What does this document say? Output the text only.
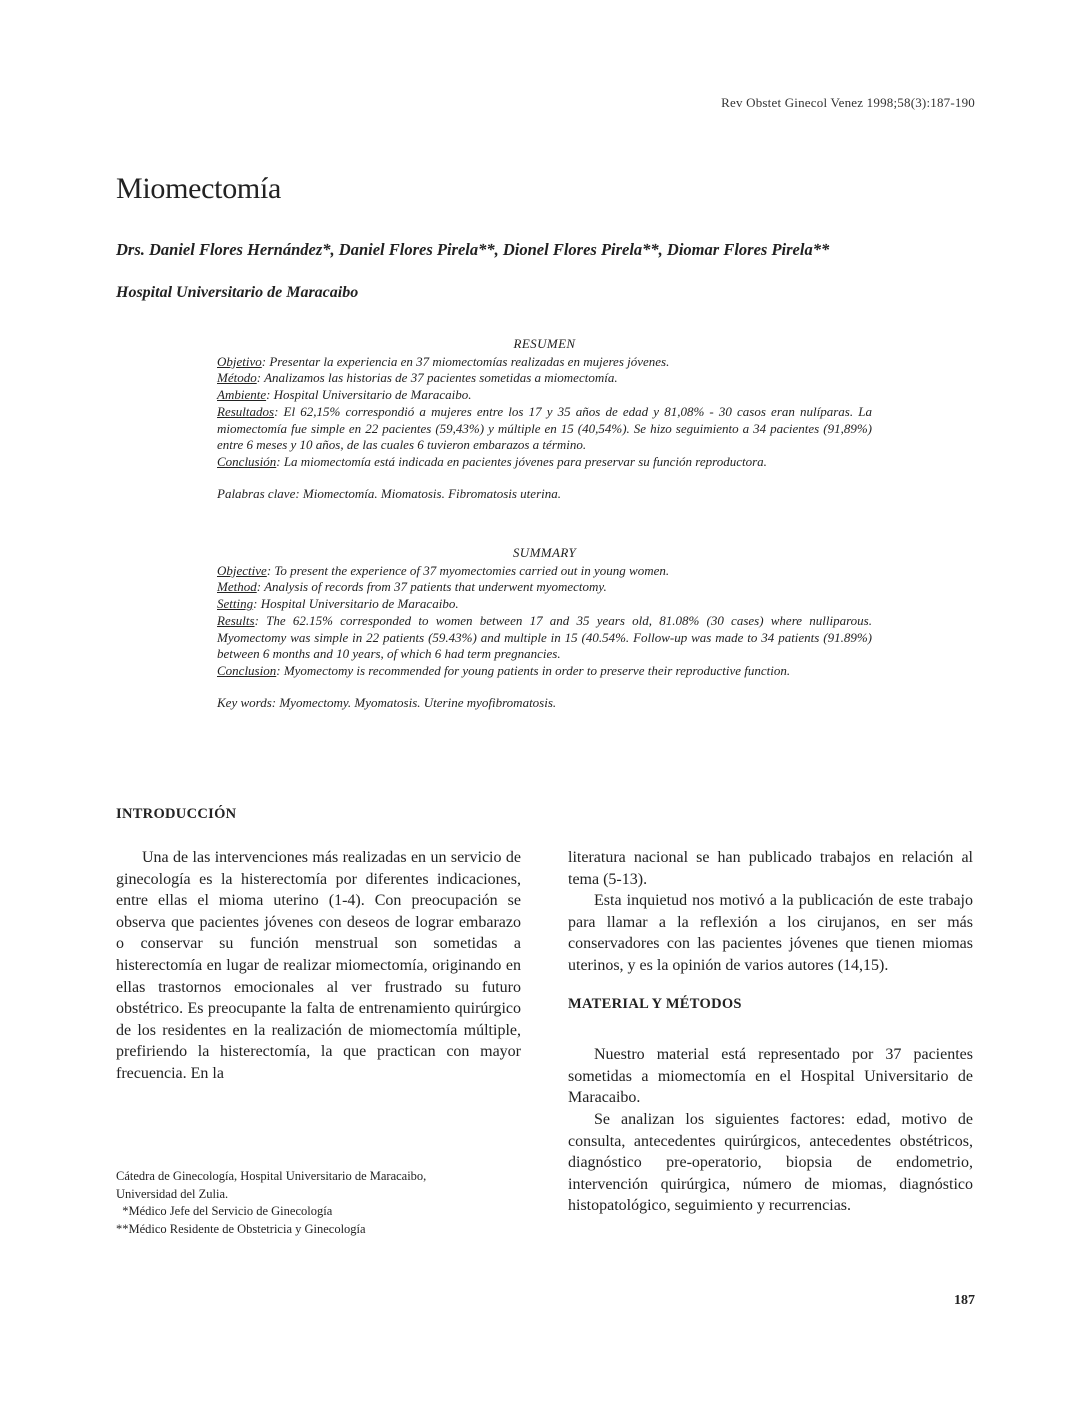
Rev Obstet Ginecol Venez 1998;58(3):187-190
Miomectomía
Drs. Daniel Flores Hernández*, Daniel Flores Pirela**, Dionel Flores Pirela**, Diomar Flores Pirela**
Hospital Universitario de Maracaibo

RESUMEN

Objetivo: Presentar la experiencia en 37 miomectomías realizadas en mujeres jóvenes.

Método: Analizamos las historias de 37 pacientes sometidas a miomectomía.

Ambiente: Hospital Universitario de Maracaibo.

Resultados: El 62,15% correspondió a mujeres entre los 17 y 35 años de edad y 81,08% - 30 casos eran nulíparas. La miomectomía fue simple en 22 pacientes (59,43%) y múltiple en 15 (40,54%). Se hizo seguimiento a 34 pacientes (91,89%) entre 6 meses y 10 años, de las cuales 6 tuvieron embarazos a término.

Conclusión: La miomectomía está indicada en pacientes jóvenes para preservar su función reproductora.

Palabras clave: Miomectomía. Miomatosis. Fibromatosis uterina.

SUMMARY

Objective: To present the experience of 37 myomectomies carried out in young women.

Method: Analysis of records from 37 patients that underwent myomectomy.

Setting: Hospital Universitario de Maracaibo.

Results: The 62.15% corresponded to women between 17 and 35 years old, 81.08% (30 cases) where nulliparous. Myomectomy was simple in 22 patients (59.43%) and multiple in 15 (40.54%. Follow-up was made to 34 patients (91.89%) between 6 months and 10 years, of which 6 had term pregnancies.

Conclusion: Myomectomy is recommended for young patients in order to preserve their reproductive function.

Key words: Myomectomy. Myomatosis. Uterine myofibromatosis.

INTRODUCCIÓN

Una de las intervenciones más realizadas en un servicio de ginecología es la histerectomía por diferentes indicaciones, entre ellas el mioma uterino (1-4). Con preocupación se observa que pacientes jóvenes con deseos de lograr embarazo o conservar su función menstrual son sometidas a histerectomía en lugar de realizar miomectomía, originando en ellas trastornos emocionales al ver frustrado su futuro obstétrico. Es preocupante la falta de entrenamiento quirúrgico de los residentes en la realización de miomectomía múltiple, prefiriendo la histerectomía, la que practican con mayor frecuencia. En la

literatura nacional se han publicado trabajos en relación al tema (5-13).

Esta inquietud nos motivó a la publicación de este trabajo para llamar a la reflexión a los cirujanos, en ser más conservadores con las pacientes jóvenes que tienen miomas uterinos, y es la opinión de varios autores (14,15).

MATERIAL Y MÉTODOS

Nuestro material está representado por 37 pacientes sometidas a miomectomía en el Hospital Universitario de Maracaibo.

Se analizan los siguientes factores: edad, motivo de consulta, antecedentes quirúrgicos, antecedentes obstétricos, diagnóstico pre-operatorio, biopsia de endometrio, intervención quirúrgica, número de miomas, diagnóstico histopatológico, seguimiento y recurrencias.

Cátedra de Ginecología, Hospital Universitario de Maracaibo,
Universidad del Zulia.
*Médico Jefe del Servicio de Ginecología
**Médico Residente de Obstetricia y Ginecología
187
